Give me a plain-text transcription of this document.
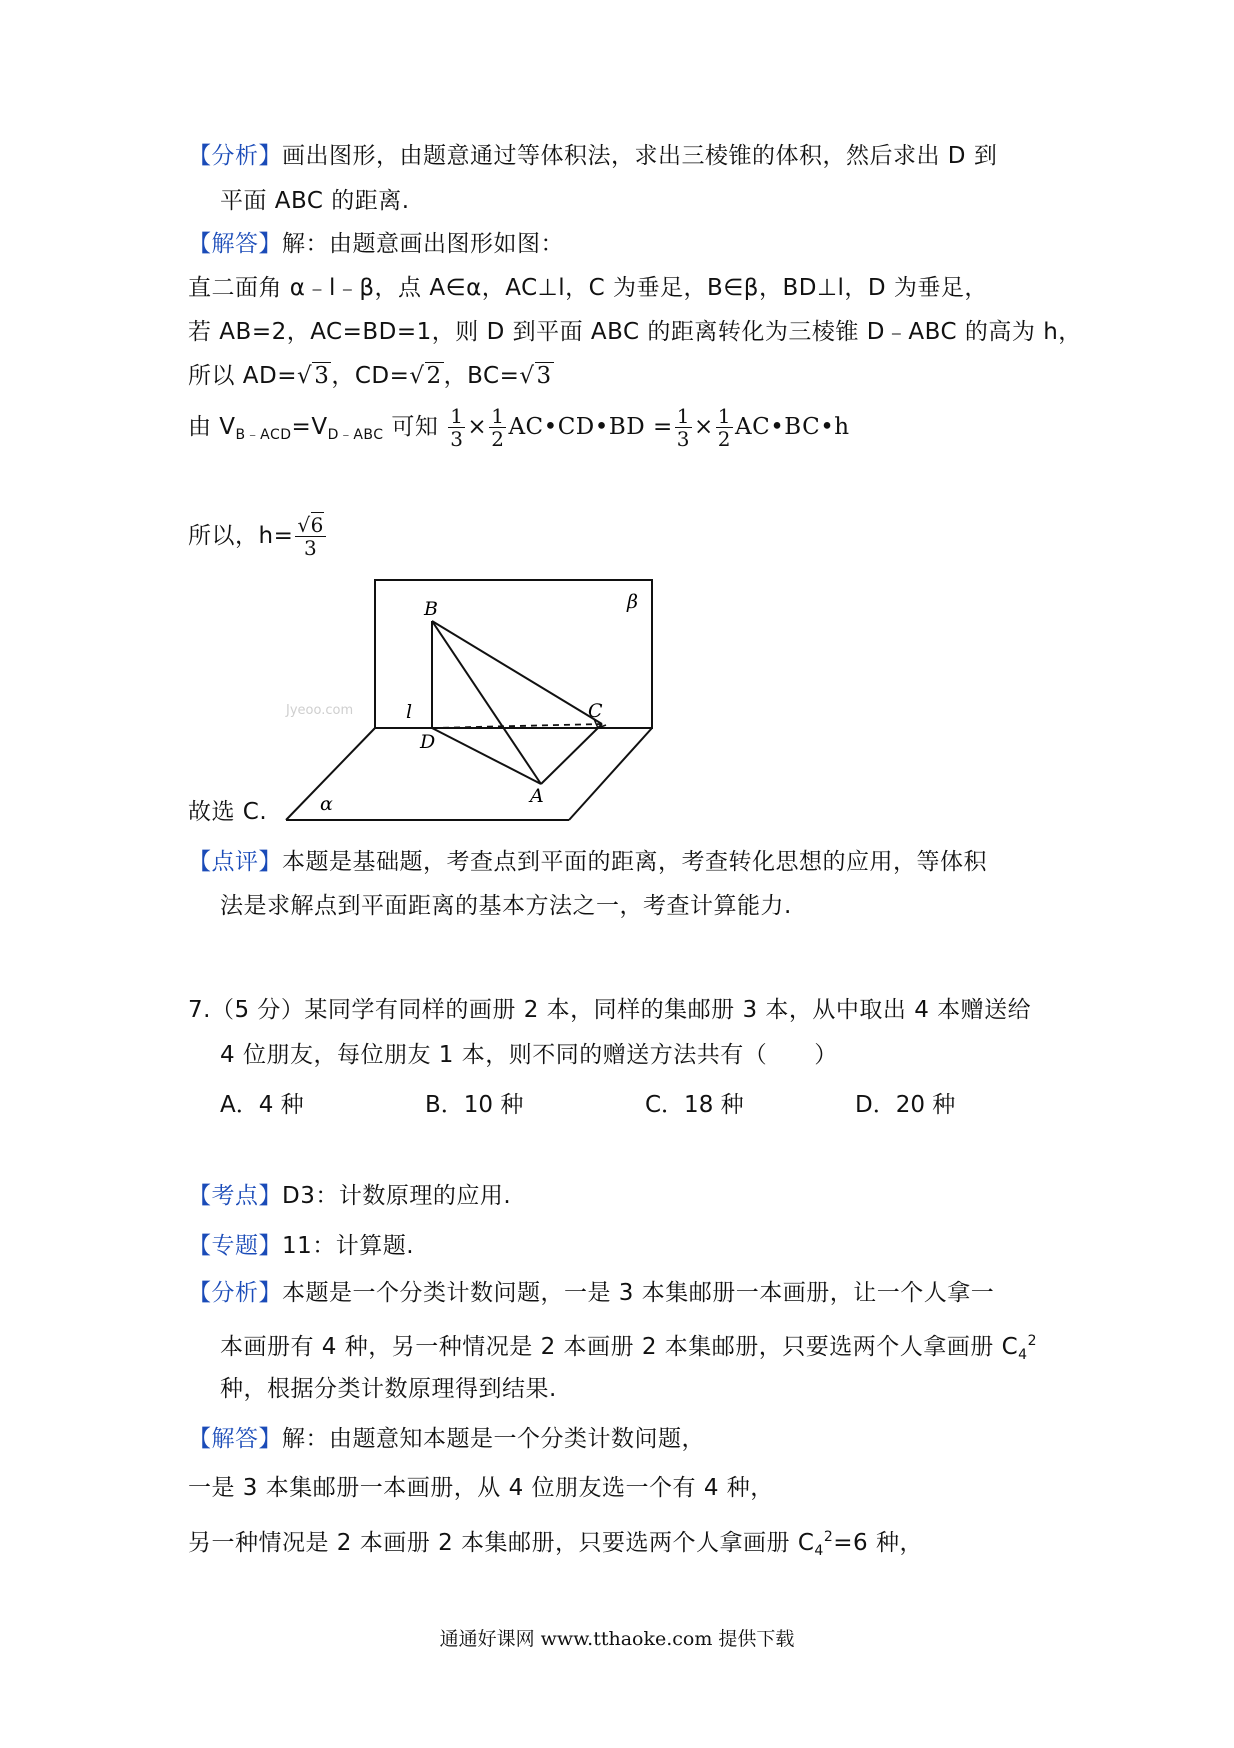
【分析】画出图形，由题意通过等体积法，求出三棱锥的体积，然后求出 D 到
平面 ABC 的距离.
【解答】解：由题意画出图形如图：
直二面角 α﹣l﹣β，点 A∈α，AC⊥l，C 为垂足，B∈β，BD⊥l，D 为垂足，
若 AB=2，AC=BD=1，则 D 到平面 ABC 的距离转化为三棱锥 D﹣ABC 的高为 h，
所以 AD=√3，CD=√2，BC=√3
由 $V_{B﹣ACD}=V_{D﹣ABC}$ 可知 $\frac{1}{3} \times \frac{1}{2}$ AC•CD•BD = $\frac{1}{3} \times \frac{1}{2}$ AC•BC•h
所以，$h= \frac{√6}{3}$
Jyeoo.com
B
C
D
A
l
α
β
故选 C.
【点评】本题是基础题，考查点到平面的距离，考查转化思想的应用，等体积
法是求解点到平面距离的基本方法之一，考查计算能力.
7.（5 分）某同学有同样的画册 2 本，同样的集邮册 3 本，从中取出 4 本赠送给
4 位朋友，每位朋友 1 本，则不同的赠送方法共有（　　）
A．4 种	B．10 种	C．18 种	D．20 种
【考点】D3：计数原理的应用.
【专题】11：计算题.
【分析】本题是一个分类计数问题，一是 3 本集邮册一本画册，让一个人拿一
本画册有 4 种，另一种情况是 2 本画册 2 本集邮册，只要选两个人拿画册 $C_4^2$
种，根据分类计数原理得到结果.
【解答】解：由题意知本题是一个分类计数问题，
一是 3 本集邮册一本画册，从 4 位朋友选一个有 4 种，
另一种情况是 2 本画册 2 本集邮册，只要选两个人拿画册 $C_4^2=6$ 种，
通通好课网 www.tthaoke.com 提供下载
